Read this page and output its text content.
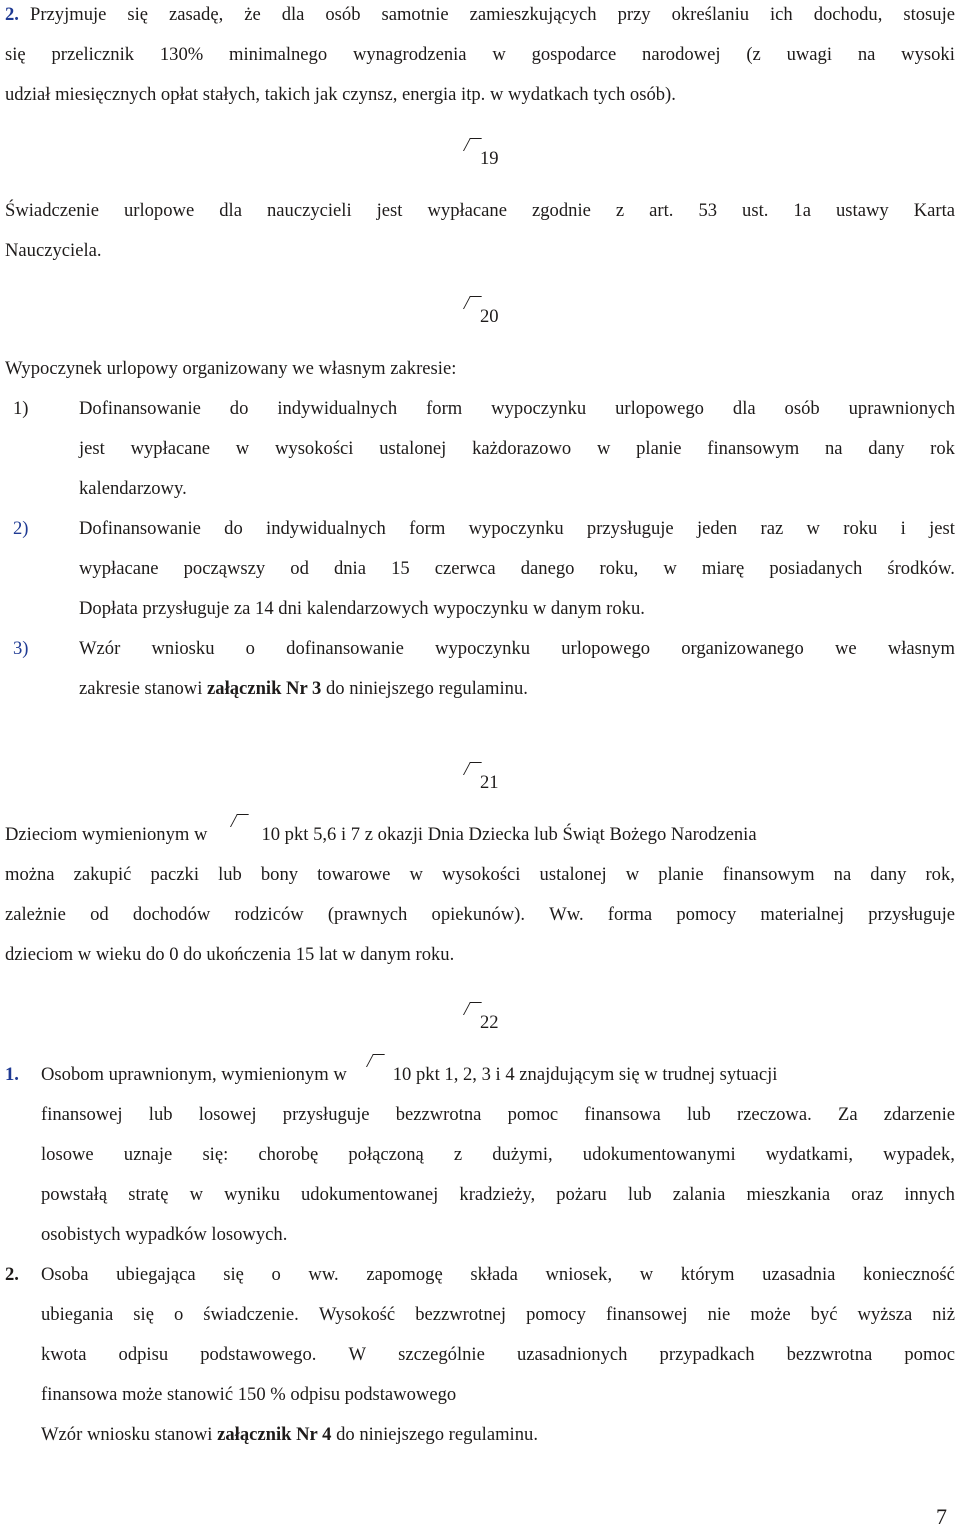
2. Przyjmuje się zasadę, że dla osób samotnie zamieszkujących przy określaniu ich dochodu, stosuje
się przelicznik 130% minimalnego wynagrodzenia w gospodarce narodowej (z uwagi na wysoki
udział miesięcznych opłat stałych, takich jak czynsz, energia itp. w wydatkach tych osób).
19
Świadczenie urlopowe dla nauczycieli jest wypłacane zgodnie z art. 53 ust. 1a ustawy Karta
Nauczyciela.
20
Wypoczynek urlopowy organizowany we własnym zakresie:
1)	Dofinansowanie do indywidualnych form wypoczynku urlopowego dla osób uprawnionych
jest wypłacane w wysokości ustalonej każdorazowo w planie finansowym na dany rok
kalendarzowy.
2)	Dofinansowanie do indywidualnych form wypoczynku przysługuje jeden raz w roku i jest
wypłacane począwszy od dnia 15 czerwca danego roku, w miarę posiadanych środków.
Dopłata przysługuje za 14 dni kalendarzowych wypoczynku w danym roku.
3)	Wzór wniosku o dofinansowanie wypoczynku urlopowego organizowanego we własnym
zakresie stanowi załącznik Nr 3 do niniejszego regulaminu.
21
Dzieciom wymienionym w	10 pkt 5,6 i 7 z okazji Dnia Dziecka lub Świąt Bożego Narodzenia
można zakupić paczki lub bony towarowe w wysokości ustalonej w planie finansowym na dany rok,
zależnie od dochodów rodziców (prawnych opiekunów). Ww. forma pomocy materialnej przysługuje
dzieciom w wieku do 0 do ukończenia 15 lat w danym roku.
22
1. Osobom uprawnionym, wymienionym w 10 pkt 1, 2, 3 i 4 znajdującym się w trudnej sytuacji
finansowej lub losowej przysługuje bezzwrotna pomoc finansowa lub rzeczowa. Za zdarzenie
losowe uznaje się: chorobę połączoną z dużymi, udokumentowanymi wydatkami, wypadek,
powstałą stratę w wyniku udokumentowanej kradzieży, pożaru lub zalania mieszkania oraz innych
osobistych wypadków losowych.
2. Osoba ubiegająca się o ww. zapomogę składa wniosek, w którym uzasadnia konieczność
ubiegania się o świadczenie. Wysokość bezzwrotnej pomocy finansowej nie może być wyższa niż
kwota odpisu podstawowego. W szczególnie uzasadnionych przypadkach bezzwrotna pomoc
finansowa może stanowić 150 % odpisu podstawowego
Wzór wniosku stanowi załącznik Nr 4 do niniejszego regulaminu.
7
